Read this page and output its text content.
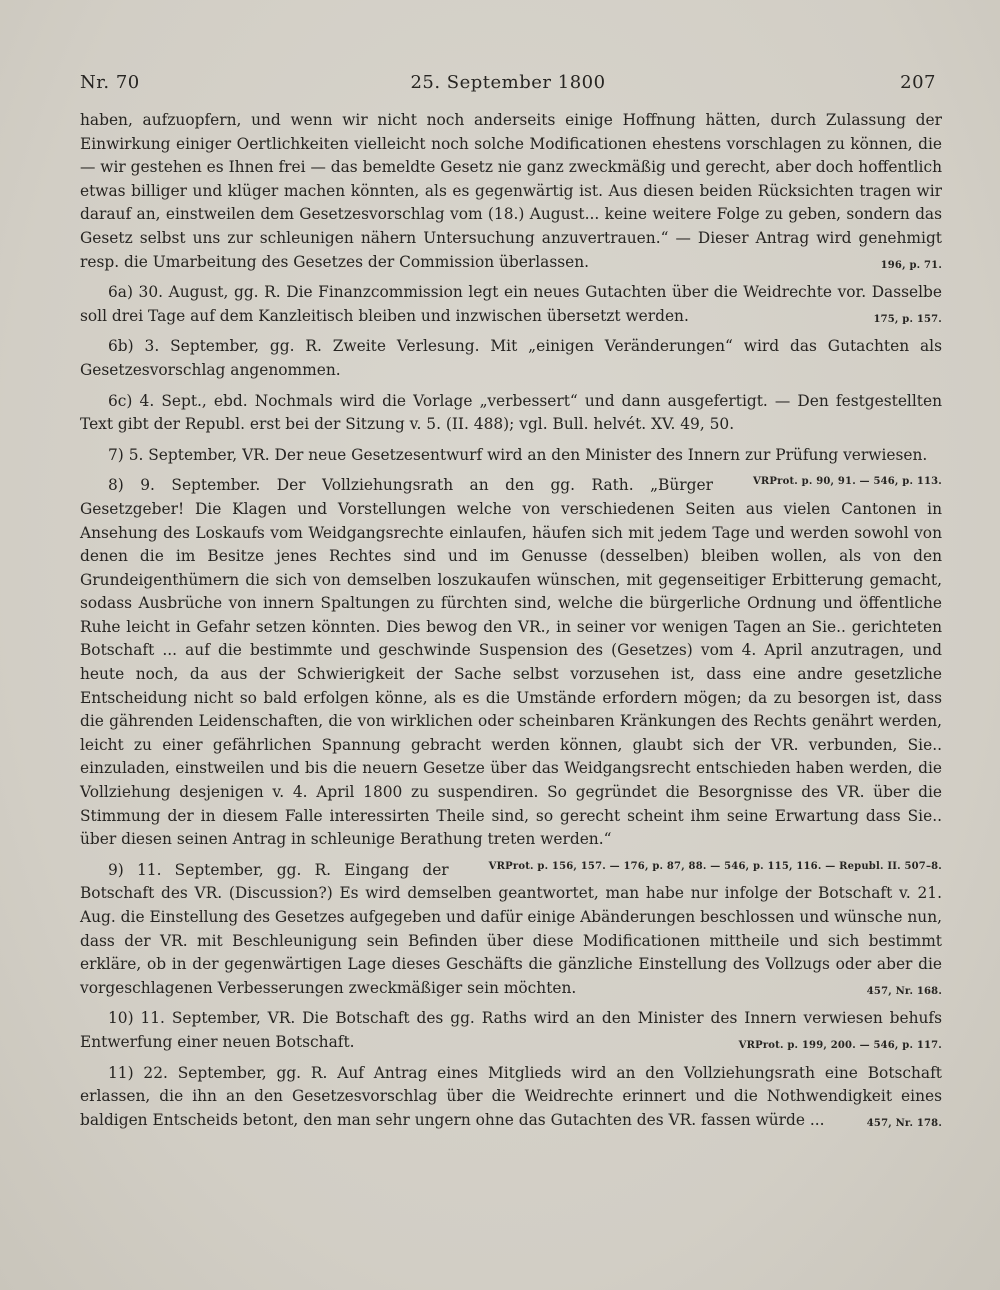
Nr. 70	25. September 1800	207

haben, aufzuopfern, und wenn wir nicht noch anderseits einige Hoffnung hätten, durch Zulassung der Einwirkung einiger Oertlichkeiten vielleicht noch solche Modificationen ehestens vorschlagen zu können, die — wir gestehen es Ihnen frei — das bemeldte Gesetz nie ganz zweckmäßig und gerecht, aber doch hoffentlich etwas billiger und klüger machen könnten, als es gegenwärtig ist. Aus diesen beiden Rücksichten tragen wir darauf an, einstweilen dem Gesetzesvorschlag vom (18.) August... keine weitere Folge zu geben, sondern das Gesetz selbst uns zur schleunigen nähern Untersuchung anzuvertrauen.“ — Dieser Antrag wird genehmigt resp. die Umarbeitung des Gesetzes der Commission überlassen.	196, p. 71.

6a) 30. August, gg. R. Die Finanzcommission legt ein neues Gutachten über die Weidrechte vor. Dasselbe soll drei Tage auf dem Kanzleitisch bleiben und inzwischen übersetzt werden.	175, p. 157.

6b) 3. September, gg. R. Zweite Verlesung. Mit „einigen Veränderungen“ wird das Gutachten als Gesetzesvorschlag angenommen.

6c) 4. Sept., ebd. Nochmals wird die Vorlage „verbessert“ und dann ausgefertigt. — Den festgestellten Text gibt der Republ. erst bei der Sitzung v. 5. (II. 488); vgl. Bull. helvét. XV. 49, 50.

7) 5. September, VR. Der neue Gesetzesentwurf wird an den Minister des Innern zur Prüfung verwiesen.
VRProt. p. 90, 91. — 546, p. 113.

8) 9. September. Der Vollziehungsrath an den gg. Rath. „Bürger Gesetzgeber! Die Klagen und Vorstellungen welche von verschiedenen Seiten aus vielen Cantonen in Ansehung des Loskaufs vom Weidgangsrechte einlaufen, häufen sich mit jedem Tage und werden sowohl von denen die im Besitze jenes Rechtes sind und im Genusse (desselben) bleiben wollen, als von den Grundeigenthümern die sich von demselben loszukaufen wünschen, mit gegenseitiger Erbitterung gemacht, sodass Ausbrüche von innern Spaltungen zu fürchten sind, welche die bürgerliche Ordnung und öffentliche Ruhe leicht in Gefahr setzen könnten. Dies bewog den VR., in seiner vor wenigen Tagen an Sie.. gerichteten Botschaft ... auf die bestimmte und geschwinde Suspension des (Gesetzes) vom 4. April anzutragen, und heute noch, da aus der Schwierigkeit der Sache selbst vorzusehen ist, dass eine andre gesetzliche Entscheidung nicht so bald erfolgen könne, als es die Umstände erfordern mögen; da zu besorgen ist, dass die gährenden Leidenschaften, die von wirklichen oder scheinbaren Kränkungen des Rechts genährt werden, leicht zu einer gefährlichen Spannung gebracht werden können, glaubt sich der VR. verbunden, Sie.. einzuladen, einstweilen und bis die neuern Gesetze über das Weidgangsrecht entschieden haben werden, die Vollziehung desjenigen v. 4. April 1800 zu suspendiren. So gegründet die Besorgnisse des VR. über die Stimmung der in diesem Falle interessirten Theile sind, so gerecht scheint ihm seine Erwartung dass Sie.. über diesen seinen Antrag in schleunige Berathung treten werden.“
VRProt. p. 156, 157. — 176, p. 87, 88. — 546, p. 115, 116. — Republ. II. 507–8.

9) 11. September, gg. R. Eingang der Botschaft des VR. (Discussion?) Es wird demselben geantwortet, man habe nur infolge der Botschaft v. 21. Aug. die Einstellung des Gesetzes aufgegeben und dafür einige Abänderungen beschlossen und wünsche nun, dass der VR. mit Beschleunigung sein Befinden über diese Modificationen mittheile und sich bestimmt erkläre, ob in der gegenwärtigen Lage dieses Geschäfts die gänzliche Einstellung des Vollzugs oder aber die vorgeschlagenen Verbesserungen zweckmäßiger sein möchten.	457, Nr. 168.

10) 11. September, VR. Die Botschaft des gg. Raths wird an den Minister des Innern verwiesen behufs Entwerfung einer neuen Botschaft.	VRProt. p. 199, 200. — 546, p. 117.

11) 22. September, gg. R. Auf Antrag eines Mitglieds wird an den Vollziehungsrath eine Botschaft erlassen, die ihn an den Gesetzesvorschlag über die Weidrechte erinnert und die Nothwendigkeit eines baldigen Entscheids betont, den man sehr ungern ohne das Gutachten des VR. fassen würde ...	457, Nr. 178.
